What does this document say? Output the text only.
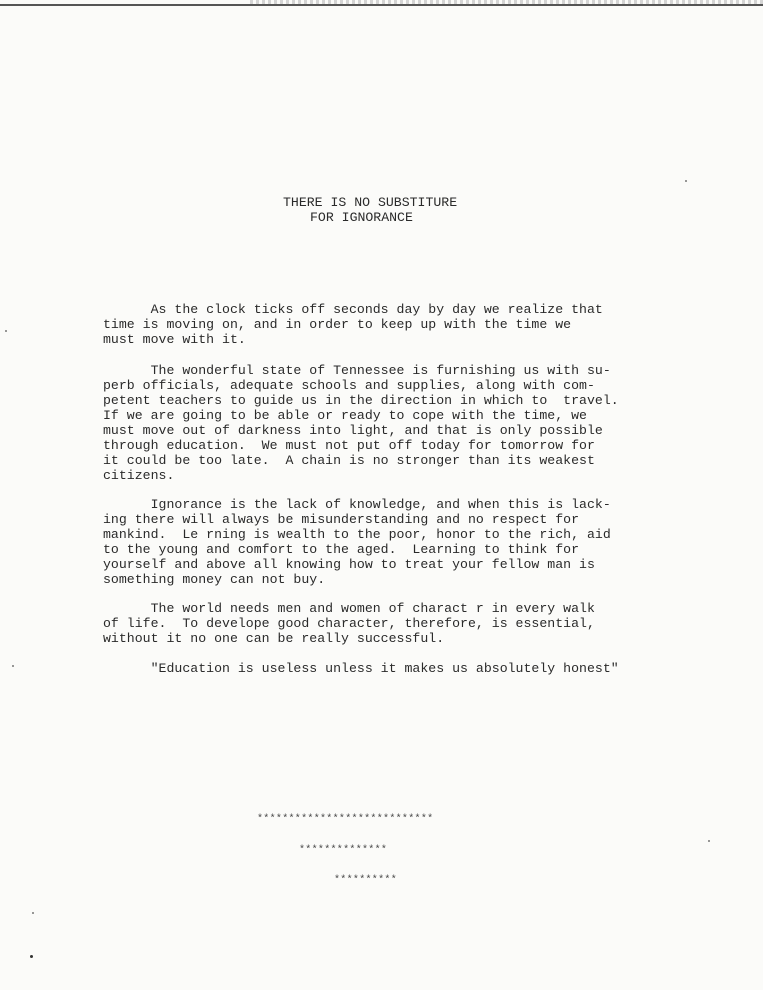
THERE IS NO SUBSTITURE

FOR IGNORANCE
As the clock ticks off seconds day by day we realize that
time is moving on, and in order to keep up with the time we
must move with it.
The wonderful state of Tennessee is furnishing us with su-
perb officials, adequate schools and supplies, along with com-
petent teachers to guide us in the direction in which to  travel.
If we are going to be able or ready to cope with the time, we
must move out of darkness into light, and that is only possible
through education.  We must not put off today for tomorrow for
it could be too late.  A chain is no stronger than its weakest
citizens.
Ignorance is the lack of knowledge, and when this is lack-
ing there will always be misunderstanding and no respect for
mankind.  Le rning is wealth to the poor, honor to the rich, aid
to the young and comfort to the aged.  Learning to think for
yourself and above all knowing how to treat your fellow man is
something money can not buy.
The world needs men and women of charact r in every walk
of life.  To develope good character, therefore, is essential,
without it no one can be really successful.
"Education is useless unless it makes us absolutely honest"
****************************
**************
**********
